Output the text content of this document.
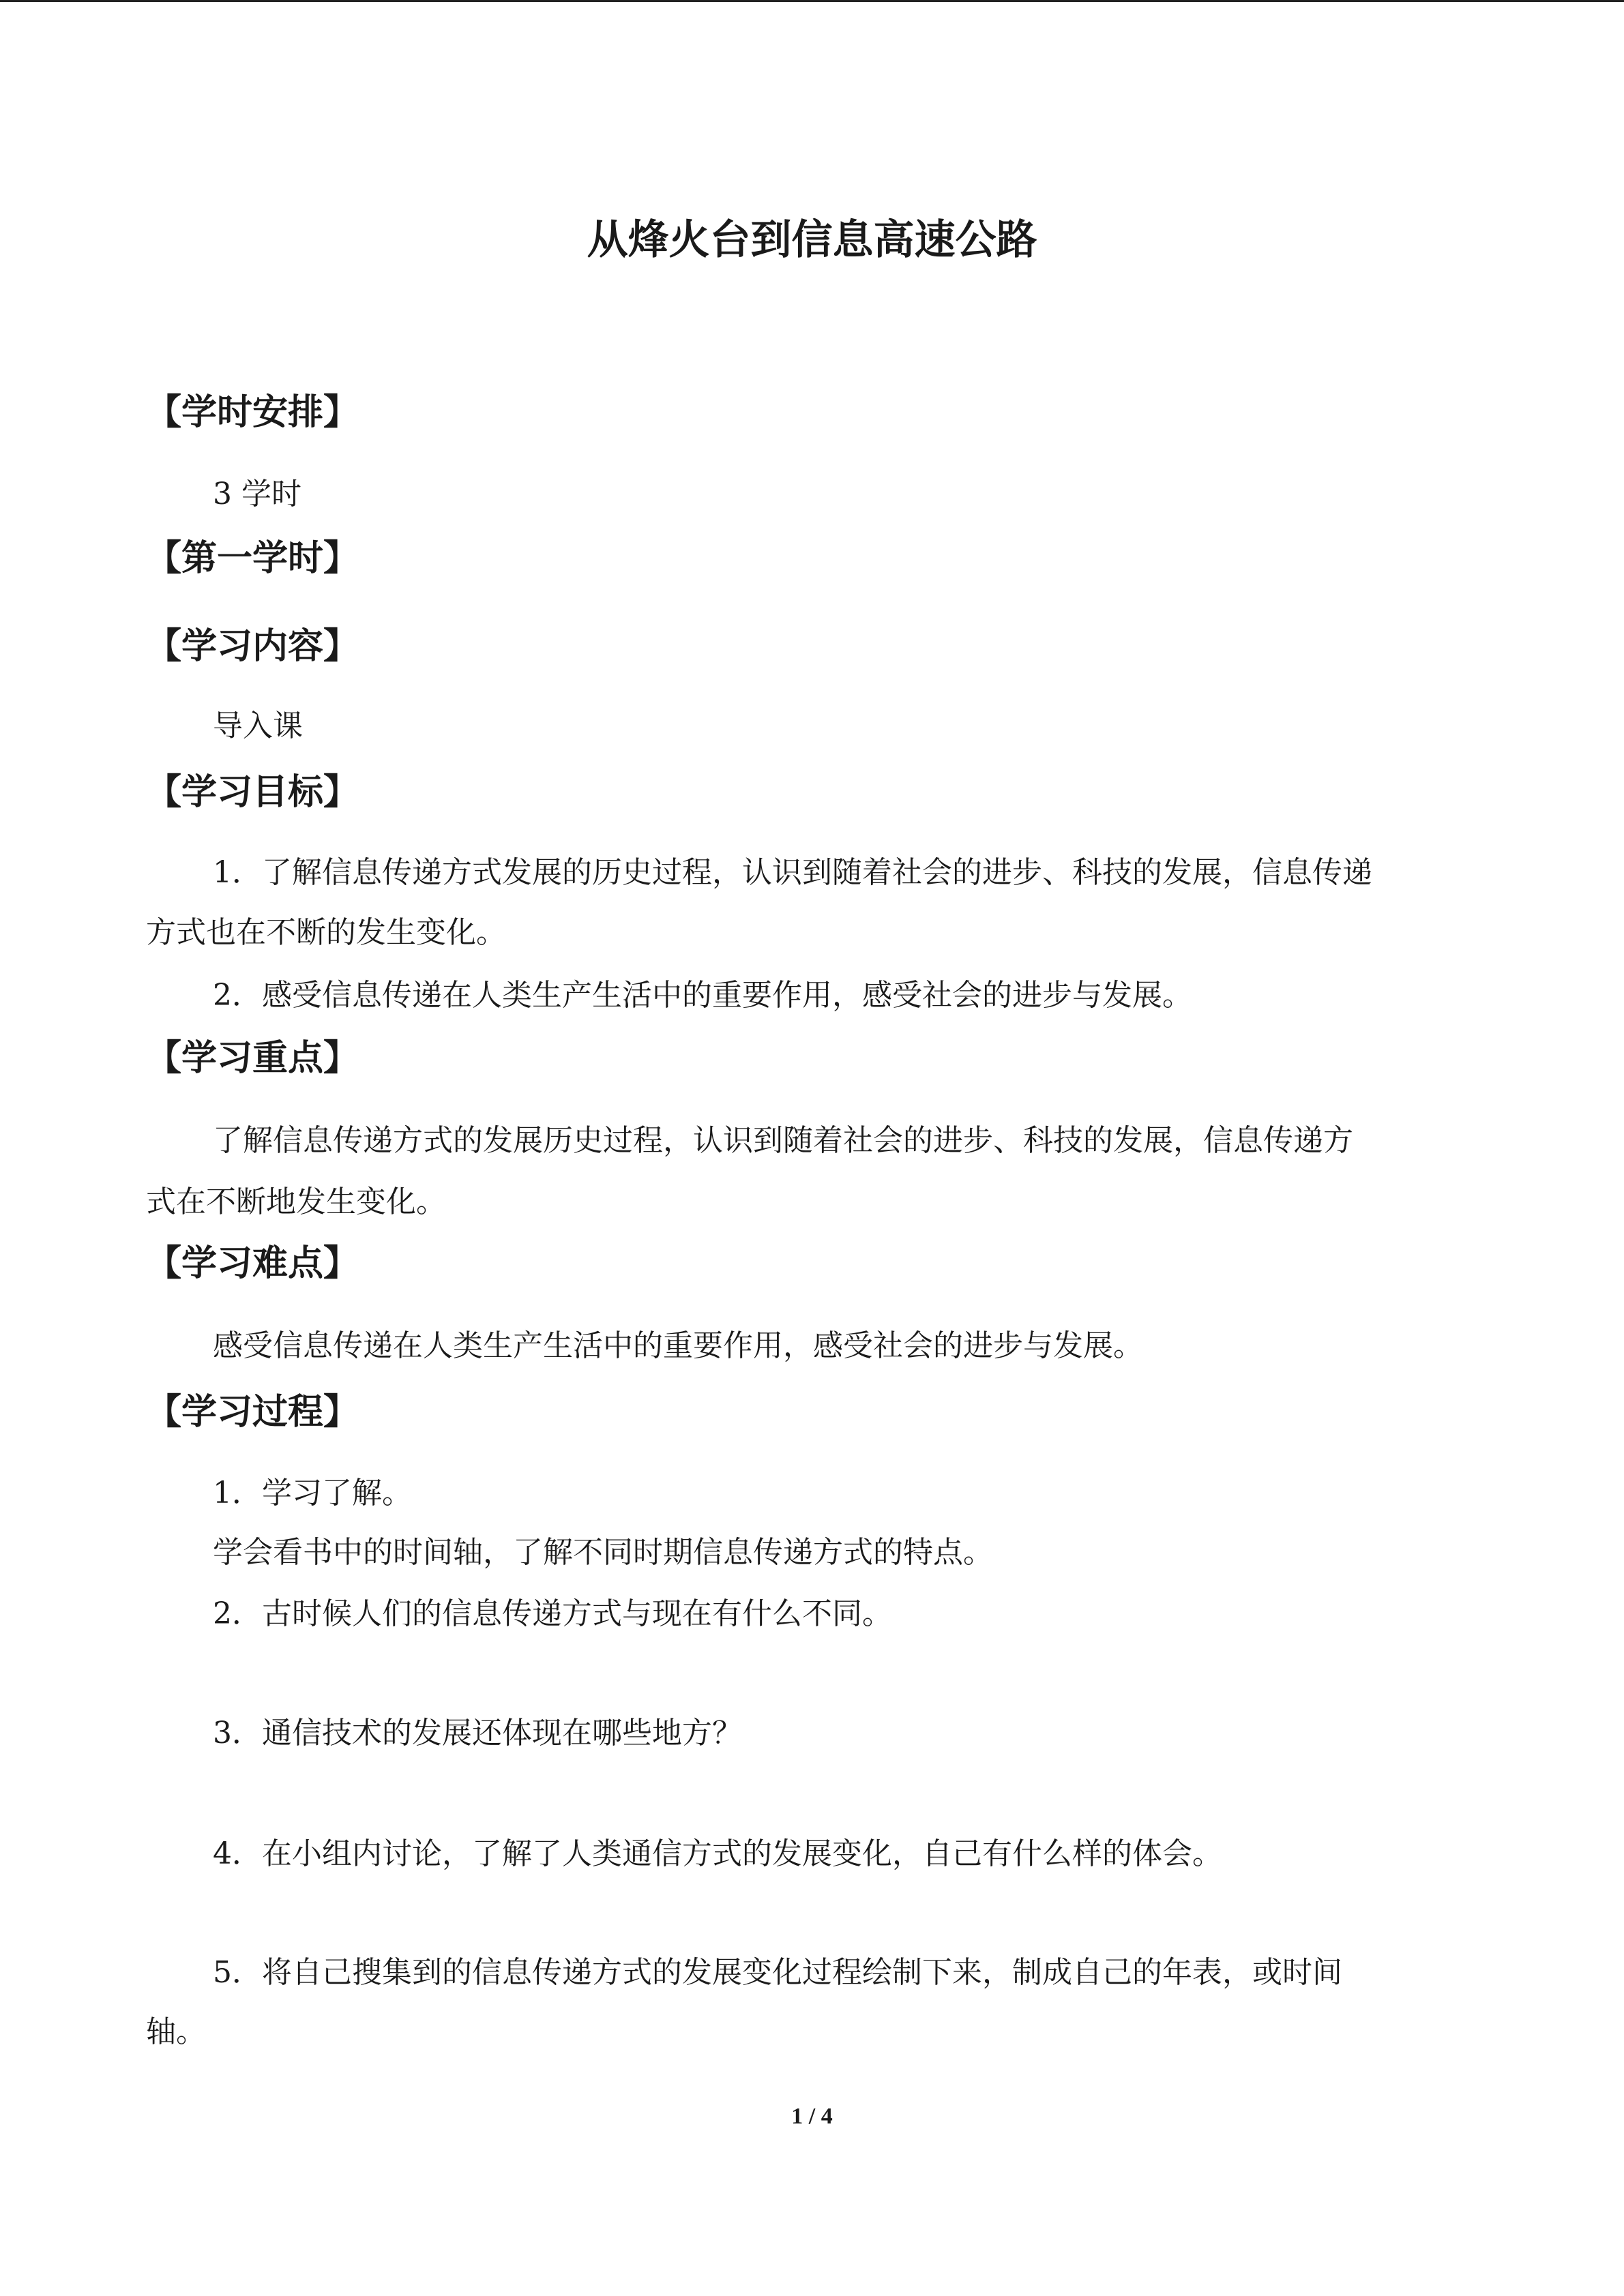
从烽火台到信息高速公路
【学时安排】
3 学时
【第一学时】
【学习内容】
导入课
【学习目标】
1．了解信息传递方式发展的历史过程，认识到随着社会的进步、科技的发展，信息传递
方式也在不断的发生变化。
2．感受信息传递在人类生产生活中的重要作用，感受社会的进步与发展。
【学习重点】
了解信息传递方式的发展历史过程，认识到随着社会的进步、科技的发展，信息传递方
式在不断地发生变化。
【学习难点】
感受信息传递在人类生产生活中的重要作用，感受社会的进步与发展。
【学习过程】
1．学习了解。
学会看书中的时间轴，了解不同时期信息传递方式的特点。
2．古时候人们的信息传递方式与现在有什么不同。
3．通信技术的发展还体现在哪些地方？
4．在小组内讨论，了解了人类通信方式的发展变化，自己有什么样的体会。
5．将自己搜集到的信息传递方式的发展变化过程绘制下来，制成自己的年表，或时间
轴。
1 / 4
